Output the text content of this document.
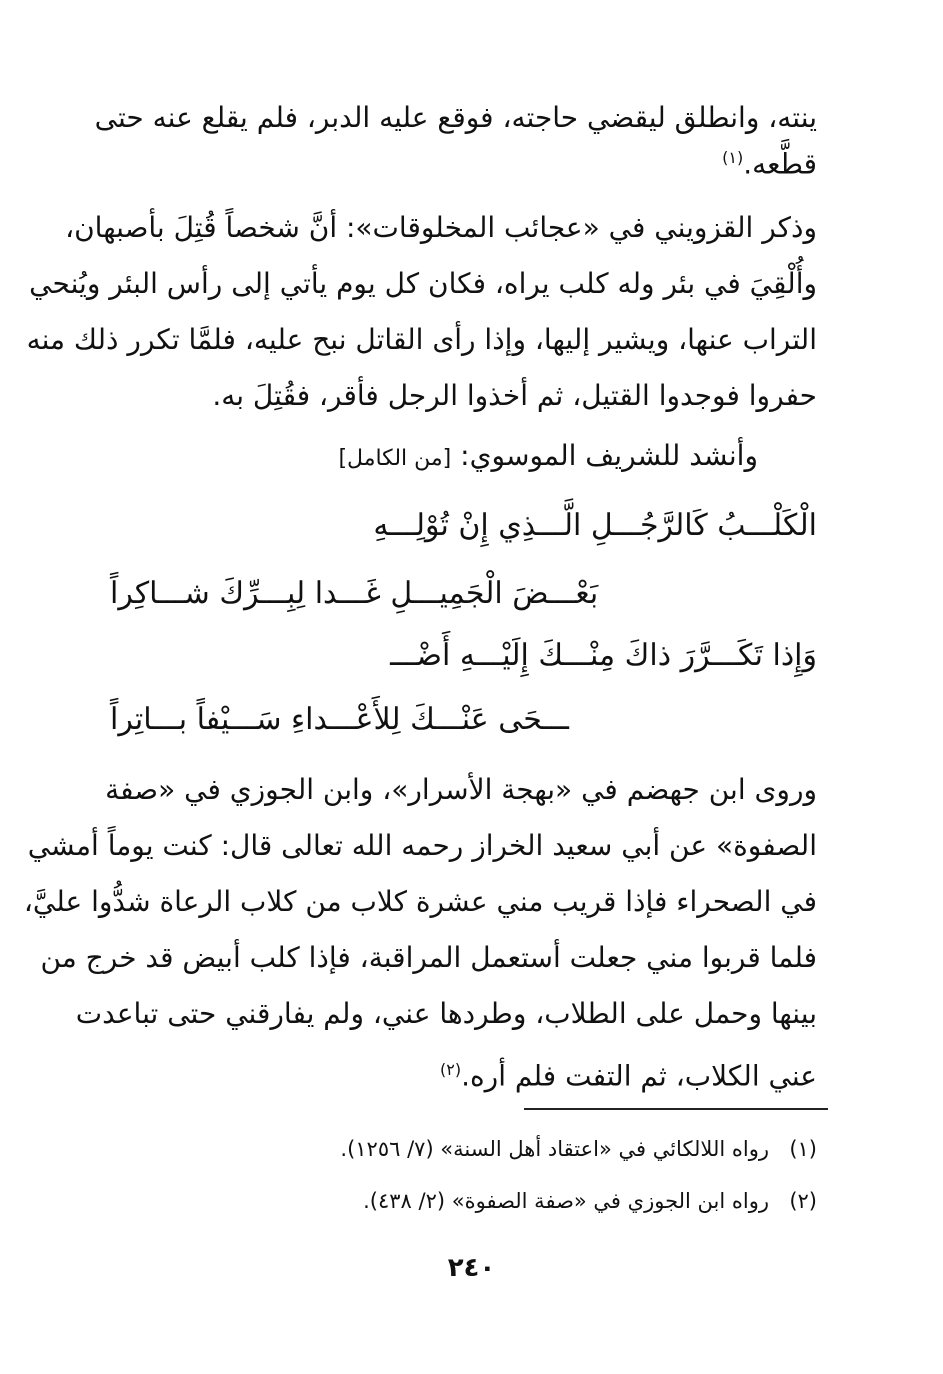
ينته، وانطلق ليقضي حاجته، فوقع عليه الدبر، فلم يقلع عنه حتى
قطَّعه.$^{(١)}$
وذكر القزويني في «عجائب المخلوقات»: أنَّ شخصاً قُتِلَ بأصبهان،
وأُلْقِيَ في بئر وله كلب يراه، فكان كل يوم يأتي إلى رأس البئر ويُنحي
التراب عنها، ويشير إليها، وإذا رأى القاتل نبح عليه، فلمَّا تكرر ذلك منه
حفروا فوجدوا القتيل، ثم أخذوا الرجل فأقر، فقُتِلَ به.
وأنشد للشريف الموسوي: [من الكامل]
الْكَلْـــبُ كَالرَّجُـــلِ الَّـــذِي إِنْ تُوْلِـــهِ
بَعْـــضَ الْجَمِيـــلِ غَـــدا لِبِـــرِّكَ شـــاكِراً
وَإِذا تَكَـــرَّرَ ذاكَ مِنْـــكَ إِلَيْـــهِ أَضْـــ
ـــحَى عَنْـــكَ لِلأَعْـــداءِ سَـــيْفاً بـــاتِراً
وروى ابن جهضم في «بهجة الأسرار»، وابن الجوزي في «صفة
الصفوة» عن أبي سعيد الخراز رحمه الله تعالى قال: كنت يوماً أمشي
في الصحراء فإذا قريب مني عشرة كلاب من كلاب الرعاة شدُّوا عليَّ،
فلما قربوا مني جعلت أستعمل المراقبة، فإذا كلب أبيض قد خرج من
بينها وحمل على الطلاب، وطردها عني، ولم يفارقني حتى تباعدت
عني الكلاب، ثم التفت فلم أره.$^{(٢)}$
(١)رواه اللالكائي في «اعتقاد أهل السنة» (٧/ ١٢٥٦).
(٢)رواه ابن الجوزي في «صفة الصفوة» (٢/ ٤٣٨).
٢٤٠
